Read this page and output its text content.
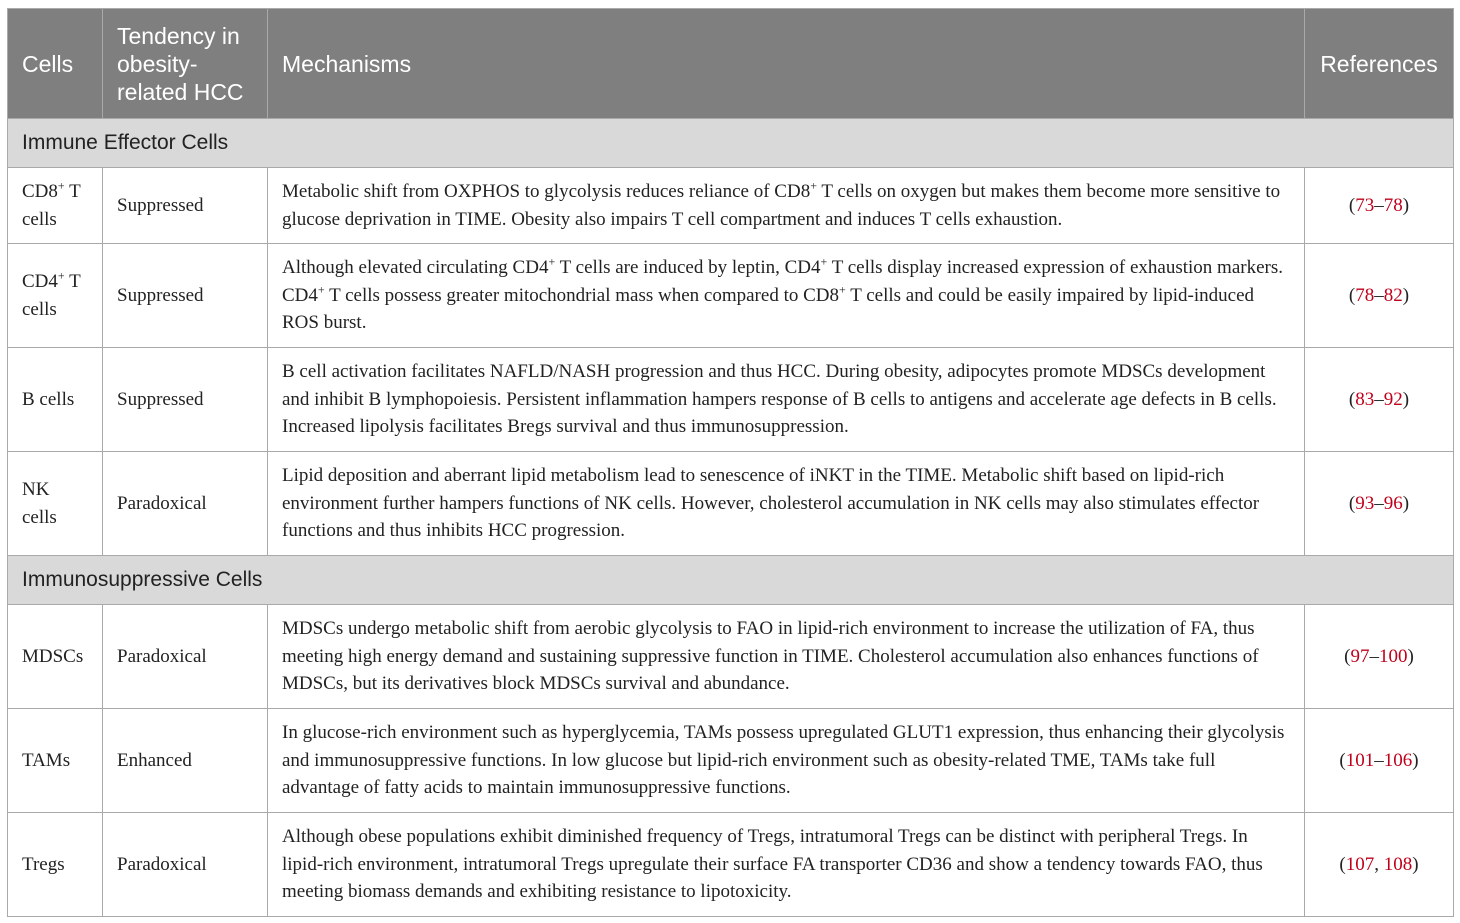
Cells	Tendency in obesity-related HCC	Mechanisms	References
Immune Effector Cells			
CD8+ T cells	Suppressed	Metabolic shift from OXPHOS to glycolysis reduces reliance of CD8+ T cells on oxygen but makes them become more sensitive to glucose deprivation in TIME. Obesity also impairs T cell compartment and induces T cells exhaustion.	(73–78)
CD4+ T cells	Suppressed	Although elevated circulating CD4+ T cells are induced by leptin, CD4+ T cells display increased expression of exhaustion markers. CD4+ T cells possess greater mitochondrial mass when compared to CD8+ T cells and could be easily impaired by lipid-induced ROS burst.	(78–82)
B cells	Suppressed	B cell activation facilitates NAFLD/NASH progression and thus HCC. During obesity, adipocytes promote MDSCs development and inhibit B lymphopoiesis. Persistent inflammation hampers response of B cells to antigens and accelerate age defects in B cells. Increased lipolysis facilitates Bregs survival and thus immunosuppression.	(83–92)
NK cells	Paradoxical	Lipid deposition and aberrant lipid metabolism lead to senescence of iNKT in the TIME. Metabolic shift based on lipid-rich environment further hampers functions of NK cells. However, cholesterol accumulation in NK cells may also stimulates effector functions and thus inhibits HCC progression.	(93–96)
Immunosuppressive Cells			
MDSCs	Paradoxical	MDSCs undergo metabolic shift from aerobic glycolysis to FAO in lipid-rich environment to increase the utilization of FA, thus meeting high energy demand and sustaining suppressive function in TIME. Cholesterol accumulation also enhances functions of MDSCs, but its derivatives block MDSCs survival and abundance.	(97–100)
TAMs	Enhanced	In glucose-rich environment such as hyperglycemia, TAMs possess upregulated GLUT1 expression, thus enhancing their glycolysis and immunosuppressive functions. In low glucose but lipid-rich environment such as obesity-related TME, TAMs take full advantage of fatty acids to maintain immunosuppressive functions.	(101–106)
Tregs	Paradoxical	Although obese populations exhibit diminished frequency of Tregs, intratumoral Tregs can be distinct with peripheral Tregs. In lipid-rich environment, intratumoral Tregs upregulate their surface FA transporter CD36 and show a tendency towards FAO, thus meeting biomass demands and exhibiting resistance to lipotoxicity.	(107, 108)
